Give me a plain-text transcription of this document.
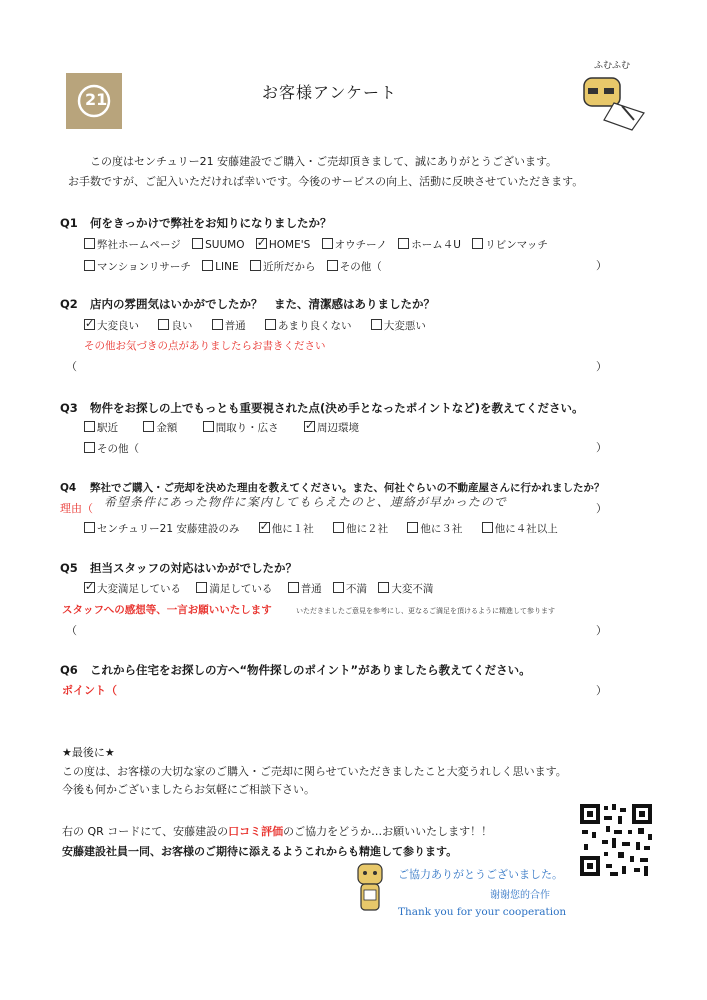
21	お客様アンケート
ふむふむ
この度はセンチュリー21 安藤建設でご購入・ご売却頂きまして、誠にありがとうございます。
お手数ですが、ご記入いただければ幸いです。今後のサービスの向上、活動に反映させていただきます。
Q1 何をきっかけで弊社をお知りになりましたか？
弊社ホームページ SUUMO ✓ HOME'S オウチーノ ホーム４U リビンマッチ
マンションリサーチ LINE 近所だから その他（	）
Q2 店内の雰囲気はいかがでしたか？　また、清潔感はありましたか？
✓大変良い	良い	普通	あまり良くない	大変悪い
その他お気づきの点がありましたらお書きください
（	）
Q3 物件をお探しの上でもっとも重要視された点(決め手となったポイントなど)を教えてください。
駅近	金額	間取り・広さ ✓	周辺環境
その他（	）
Q4 弊社でご購入・ご売却を決めた理由を教えてください。また、何社ぐらいの不動産屋さんに行かれましたか？
理由（ 希望条件にあった物件に案内してもらえたのと、連絡が早かったので	）
センチュリー21 安藤建設のみ ✓	他に１社	他に２社	他に３社	他に４社以上
Q5 担当スタッフの対応はいかがでしたか？
✓大変満足している	満足している	普通 不満 大変不満
スタッフへの感想等、一言お願いいたします	いただきましたご意見を参考にし、更なるご満足を頂けるように精進して参ります
（	）
Q6 これから住宅をお探しの方へ“物件探しのポイント”がありましたら教えてください。
ポイント（	）
★最後に★
この度は、お客様の大切な家のご購入・ご売却に関らせていただきましたこと大変うれしく思います。
今後も何かございましたらお気軽にご相談下さい。
右の QR コードにて、安藤建設の口コミ評価のご協力をどうか…お願いいたします！！
安藤建設社員一同、お客様のご期待に添えるようこれからも精進して参ります。
ご協力ありがとうございました。
谢谢您的合作
Thank you for your cooperation
